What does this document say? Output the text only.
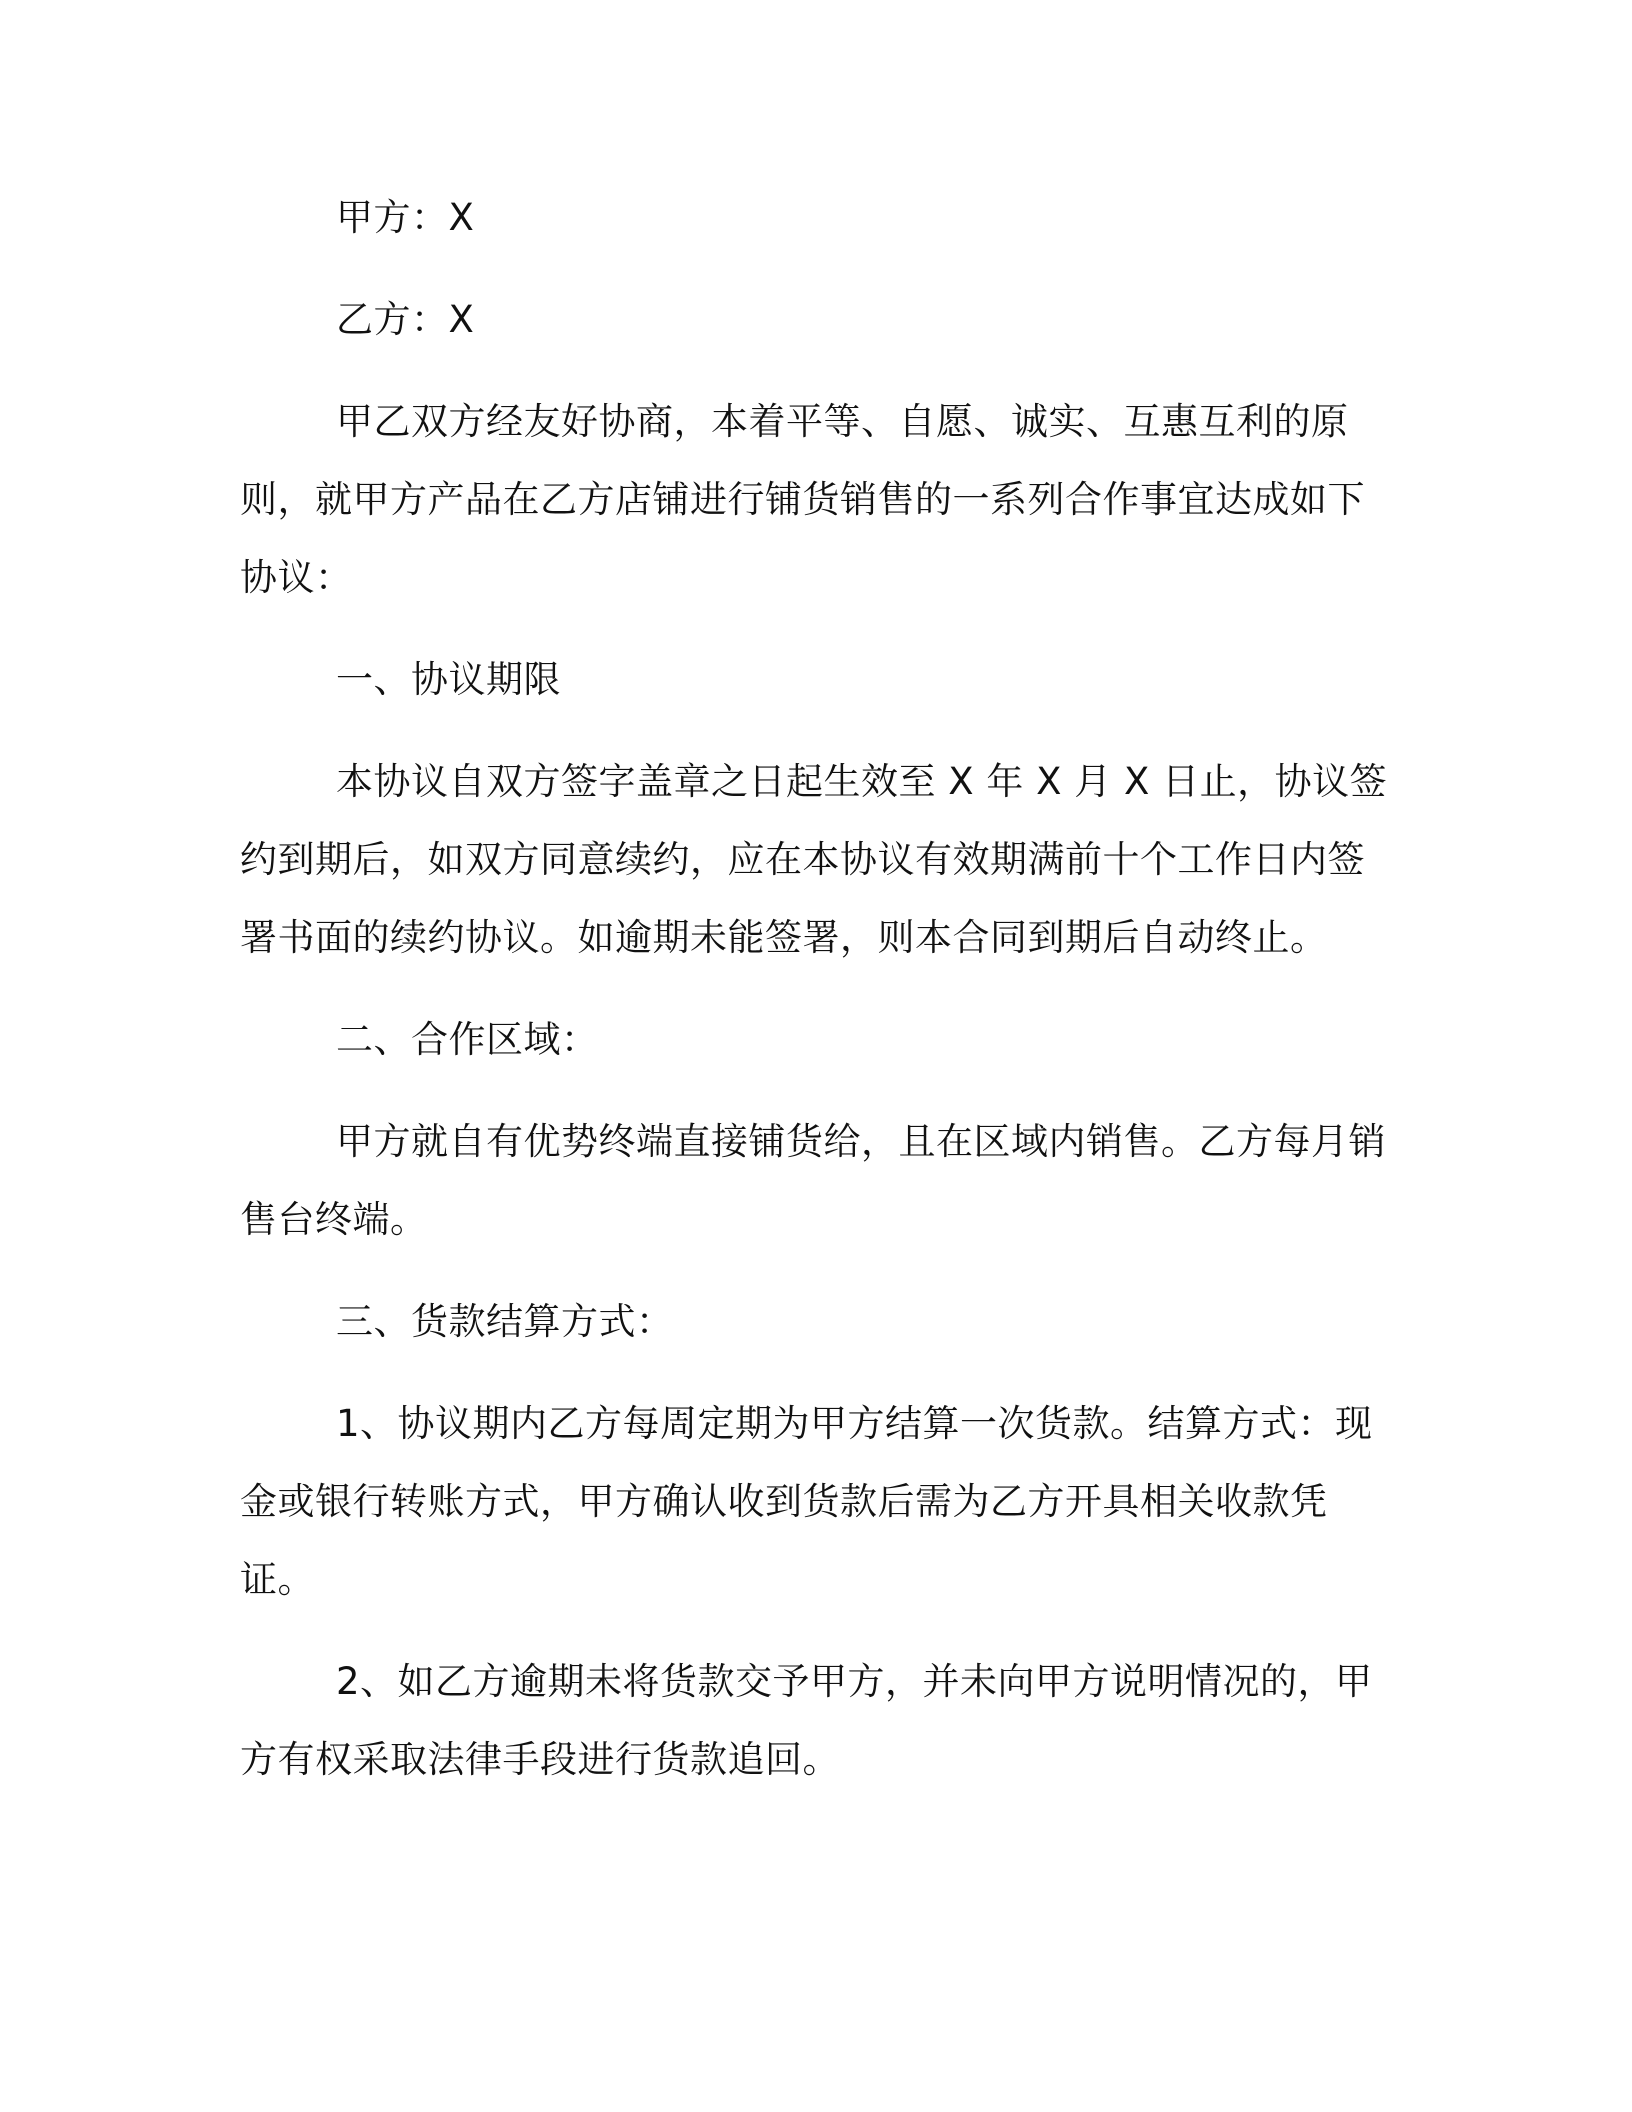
甲方：X
乙方：X
甲乙双方经友好协商，本着平等、自愿、诚实、互惠互利的原
则，就甲方产品在乙方店铺进行铺货销售的一系列合作事宜达成如下
协议：
一、协议期限
本协议自双方签字盖章之日起生效至 X 年 X 月 X 日止，协议签
约到期后，如双方同意续约，应在本协议有效期满前十个工作日内签
署书面的续约协议。如逾期未能签署，则本合同到期后自动终止。
二、合作区域：
甲方就自有优势终端直接铺货给，且在区域内销售。乙方每月销
售台终端。
三、货款结算方式：
1、协议期内乙方每周定期为甲方结算一次货款。结算方式：现
金或银行转账方式，甲方确认收到货款后需为乙方开具相关收款凭
证。
2、如乙方逾期未将货款交予甲方，并未向甲方说明情况的，甲
方有权采取法律手段进行货款追回。
